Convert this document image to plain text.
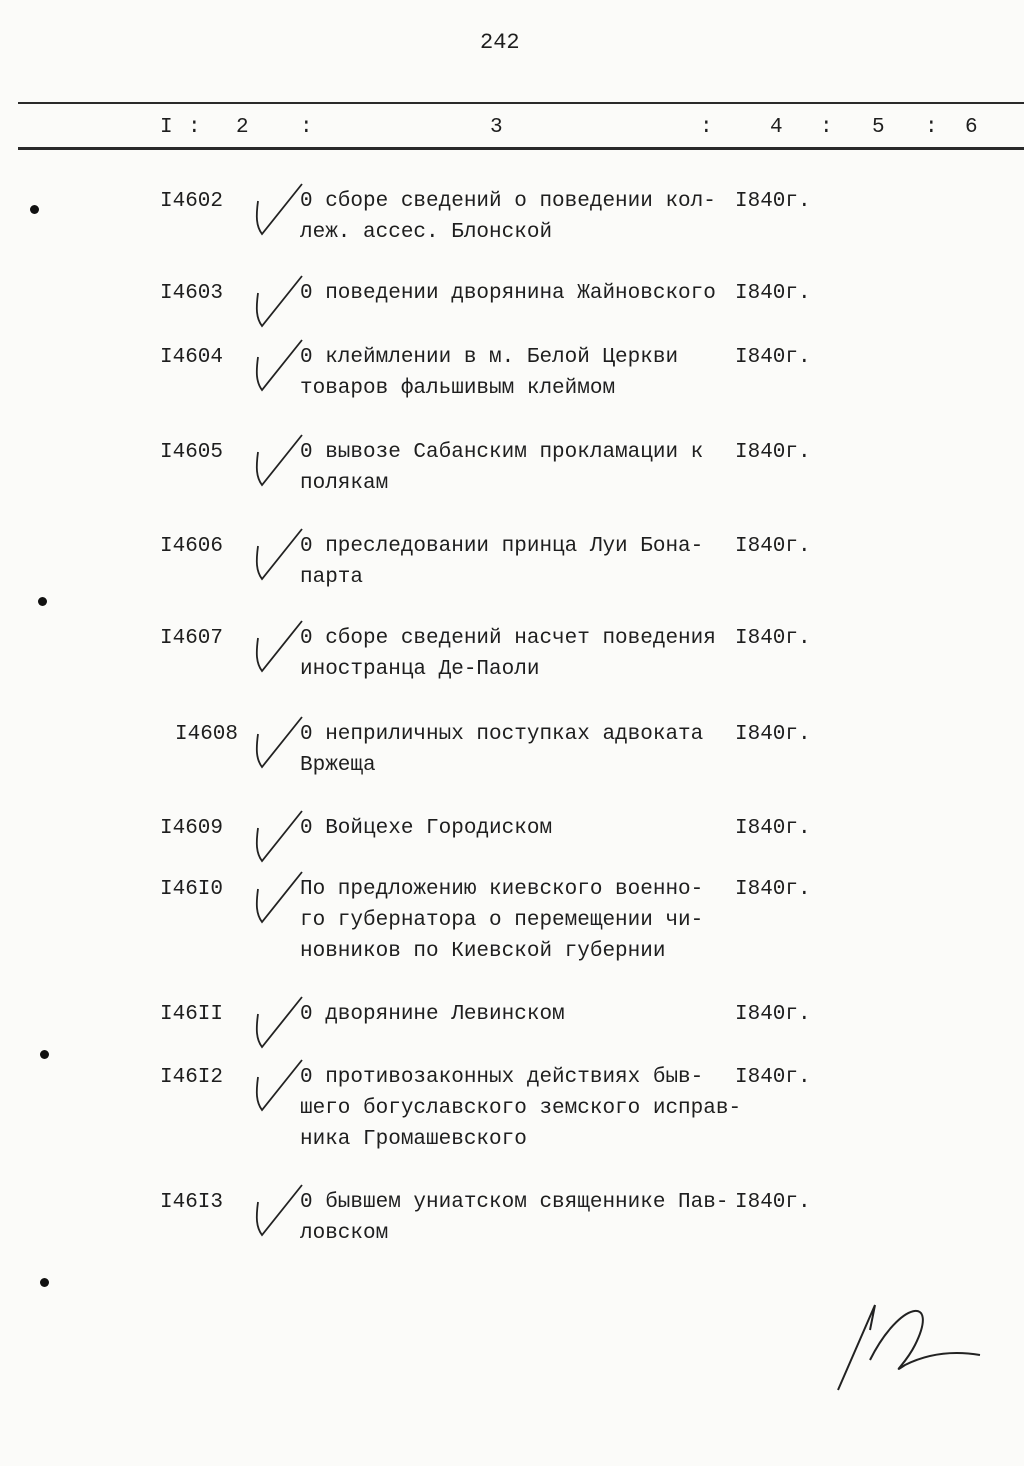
242
I : 2 :	3	:	4 : 5 : 6
I4602	0 сборе сведений о поведении кол-
леж. ассес. Блонской
I840г.
I4603	0 поведении дворянина Жайновского I840г.
I4604	0 клеймлении в м. Белой Церкви
товаров фальшивым клеймом
I840г.
I4605	0 вывозе Сабанским прокламации к
полякам
I840г.
I4606	0 преследовании принца Луи Бона-
парта
I840г.
I4607	0 сборе сведений насчет поведения
иностранца Де-Паоли
I840г.
I4608	0 неприличных поступках адвоката
Вржеща
I840г.
I4609	0 Войцехе Городиском	I840г.
I46I0	По предложению киевского военно-
го губернатора о перемещении чи-
новников по Киевской губернии
I840г.
I46II	0 дворянине Левинском	I840г.
I46I2	0 противозаконных действиях быв-
шего богуславского земского исправ-
ника Громашевского
I840г.
I46I3	0 бывшем униатском священнике Пав-
ловском
I840г.
